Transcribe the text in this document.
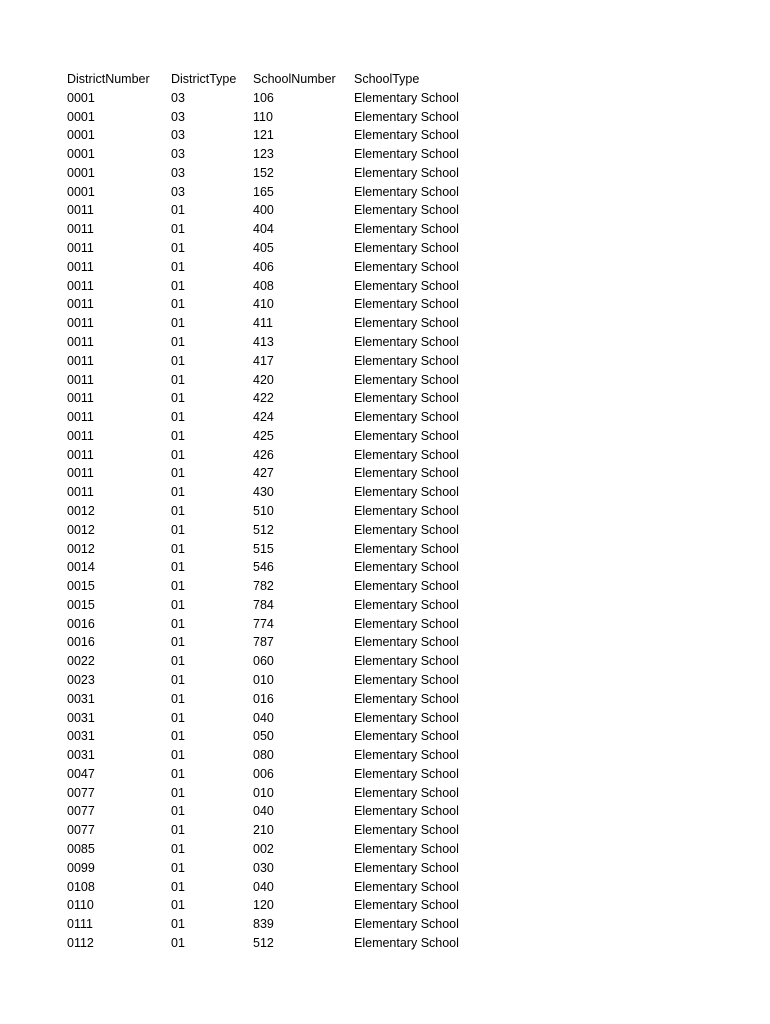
DistrictNumber	DistrictType	SchoolNumber	SchoolType
0001	03	106	Elementary School
0001	03	110	Elementary School
0001	03	121	Elementary School
0001	03	123	Elementary School
0001	03	152	Elementary School
0001	03	165	Elementary School
0011	01	400	Elementary School
0011	01	404	Elementary School
0011	01	405	Elementary School
0011	01	406	Elementary School
0011	01	408	Elementary School
0011	01	410	Elementary School
0011	01	411	Elementary School
0011	01	413	Elementary School
0011	01	417	Elementary School
0011	01	420	Elementary School
0011	01	422	Elementary School
0011	01	424	Elementary School
0011	01	425	Elementary School
0011	01	426	Elementary School
0011	01	427	Elementary School
0011	01	430	Elementary School
0012	01	510	Elementary School
0012	01	512	Elementary School
0012	01	515	Elementary School
0014	01	546	Elementary School
0015	01	782	Elementary School
0015	01	784	Elementary School
0016	01	774	Elementary School
0016	01	787	Elementary School
0022	01	060	Elementary School
0023	01	010	Elementary School
0031	01	016	Elementary School
0031	01	040	Elementary School
0031	01	050	Elementary School
0031	01	080	Elementary School
0047	01	006	Elementary School
0077	01	010	Elementary School
0077	01	040	Elementary School
0077	01	210	Elementary School
0085	01	002	Elementary School
0099	01	030	Elementary School
0108	01	040	Elementary School
0110	01	120	Elementary School
0111	01	839	Elementary School
0112	01	512	Elementary School
